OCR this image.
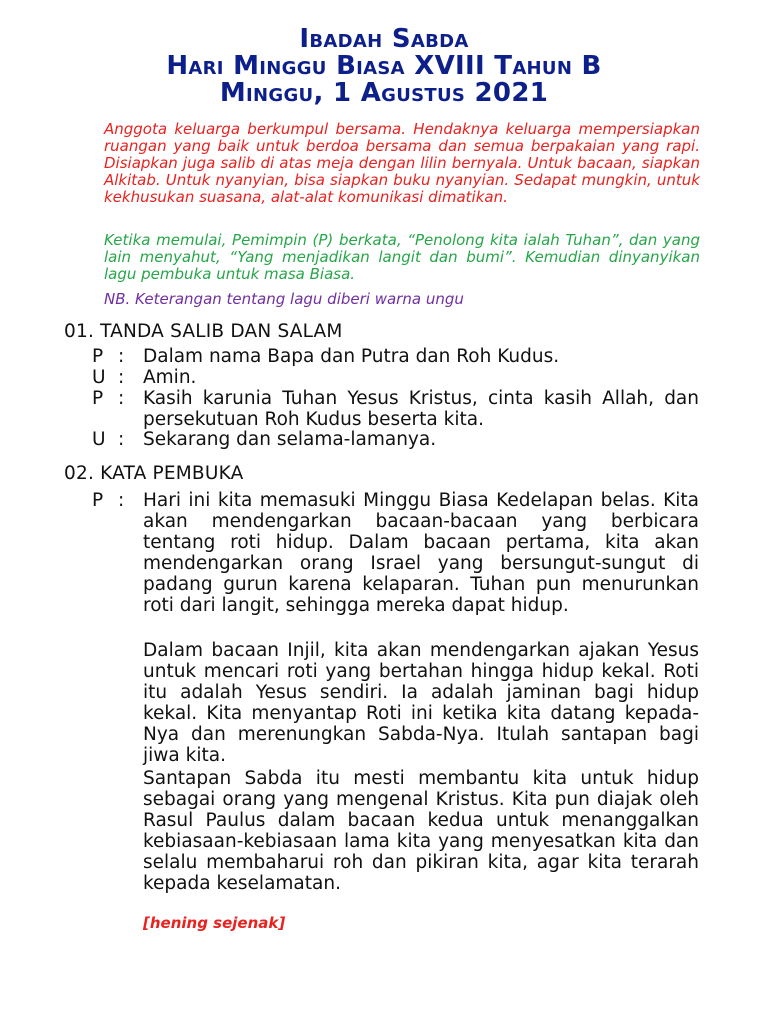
Ibadah Sabda
Hari Minggu Biasa XVIII Tahun B
Minggu, 1 Agustus 2021
Anggota keluarga berkumpul bersama. Hendaknya keluarga mempersiapkan ruangan yang baik untuk berdoa bersama dan semua berpakaian yang rapi. Disiapkan juga salib di atas meja dengan lilin bernyala. Untuk bacaan, siapkan Alkitab. Untuk nyanyian, bisa siapkan buku nyanyian. Sedapat mungkin, untuk kekhusukan suasana, alat-alat komunikasi dimatikan.
Ketika memulai, Pemimpin (P) berkata, “Penolong kita ialah Tuhan”, dan yang lain menyahut, “Yang menjadikan langit dan bumi”. Kemudian dinyanyikan lagu pembuka untuk masa Biasa.
NB. Keterangan tentang lagu diberi warna ungu
01. TANDA SALIB DAN SALAM
P : Dalam nama Bapa dan Putra dan Roh Kudus.
U : Amin.
P : Kasih karunia Tuhan Yesus Kristus, cinta kasih Allah, dan persekutuan Roh Kudus beserta kita.
U : Sekarang dan selama-lamanya.
02. KATA PEMBUKA
P : Hari ini kita memasuki Minggu Biasa Kedelapan belas. Kita akan mendengarkan bacaan-bacaan yang berbicara tentang roti hidup. Dalam bacaan pertama, kita akan mendengarkan orang Israel yang bersungut-sungut di padang gurun karena kelaparan. Tuhan pun menurunkan roti dari langit, sehingga mereka dapat hidup.
Dalam bacaan Injil, kita akan mendengarkan ajakan Yesus untuk mencari roti yang bertahan hingga hidup kekal. Roti itu adalah Yesus sendiri. Ia adalah jaminan bagi hidup kekal. Kita menyantap Roti ini ketika kita datang kepada-Nya dan merenungkan Sabda-Nya. Itulah santapan bagi jiwa kita.
Santapan Sabda itu mesti membantu kita untuk hidup sebagai orang yang mengenal Kristus. Kita pun diajak oleh Rasul Paulus dalam bacaan kedua untuk menanggalkan kebiasaan-kebiasaan lama kita yang menyesatkan kita dan selalu membaharui roh dan pikiran kita, agar kita terarah kepada keselamatan.
[hening sejenak]
